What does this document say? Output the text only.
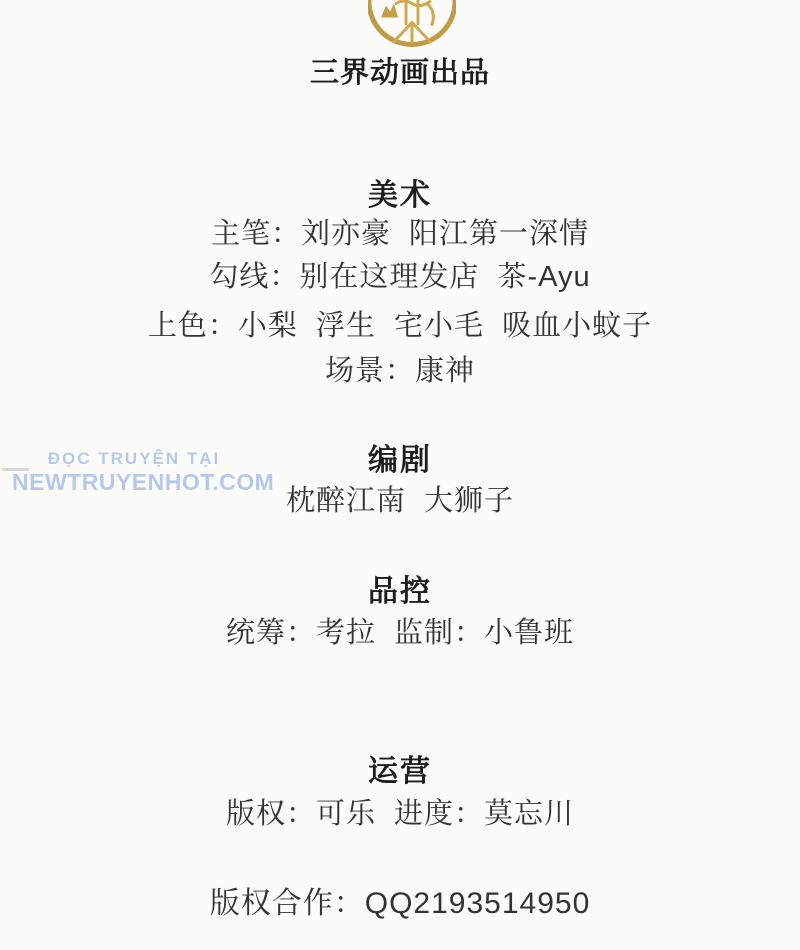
三界动画出品
美术
主笔：刘亦豪  阳江第一深情
勾线：别在这理发店  茶-Ayu
上色：小梨  浮生  宅小毛  吸血小蚊子
场景：康神
ĐỌC TRUYỆN TẠI
NEWTRUYENHOT.COM
编剧
枕醉江南  大狮子
品控
统筹：考拉  监制：小鲁班
运营
版权：可乐  进度：莫忘川
版权合作：QQ2193514950
